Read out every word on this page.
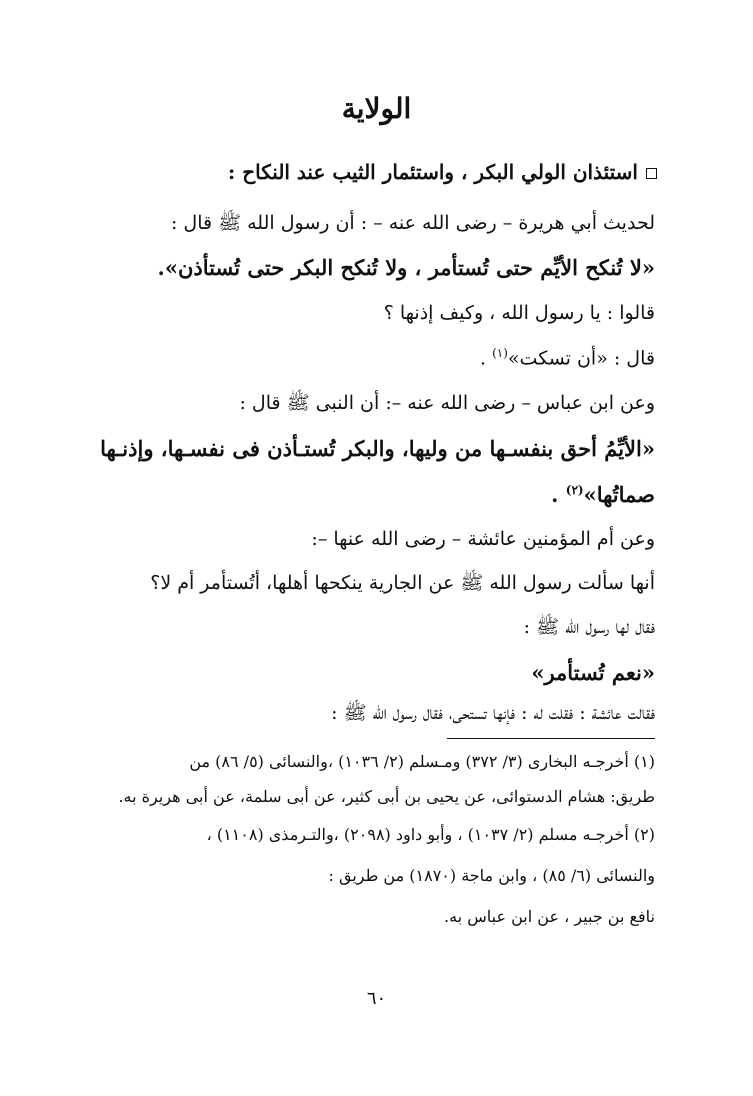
الولاية
استئذان الولي البكر ، واستئمار الثيب عند النكاح :
لحديث أبي هريرة – رضى الله عنه – : أن رسول الله ﷺ قال :
«لا تُنكح الأيِّم حتى تُستأمر ، ولا تُنكح البكر حتى تُستأذن».
قالوا : يا رسول الله ، وكيف إذنها ؟
قال : «أن تسكت»$^{(١)}$ .
وعن ابن عباس – رضى الله عنه –: أن النبى ﷺ قال :
«الأيِّمُ أحق بنفسـها من وليها، والبكر تُستـأذن فى نفسـها، وإذنـها
صماتُها»$^{(٢)}$ .
وعن أم المؤمنين عائشة – رضى الله عنها –:
أنها سألت رسول الله ﷺ عن الجارية ينكحها أهلها، أتُستأمر أم لا؟
فقال لها رسول الله ﷺ :
«نعم تُستأمر»
فقالت عائشة : فقلت له : فإنها تستحى، فقال رسول الله ﷺ :
(١) أخرجـه البخارى (٣/ ٣٧٢) ومـسلم (٢/ ١٠٣٦) ،والنسائى (٥/ ٨٦) من
طريق: هشام الدستوائى، عن يحيى بن أبى كثير، عن أبى سلمة، عن أبى هريرة به.
(٢) أخرجـه مسلم (٢/ ١٠٣٧) ، وأبو داود (٢٠٩٨) ،والتـرمذى (١١٠٨) ،
والنسائى (٦/ ٨٥) ، وابن ماجة (١٨٧٠) من طريق :
نافع بن جبير ، عن ابن عباس به.
٦٠
